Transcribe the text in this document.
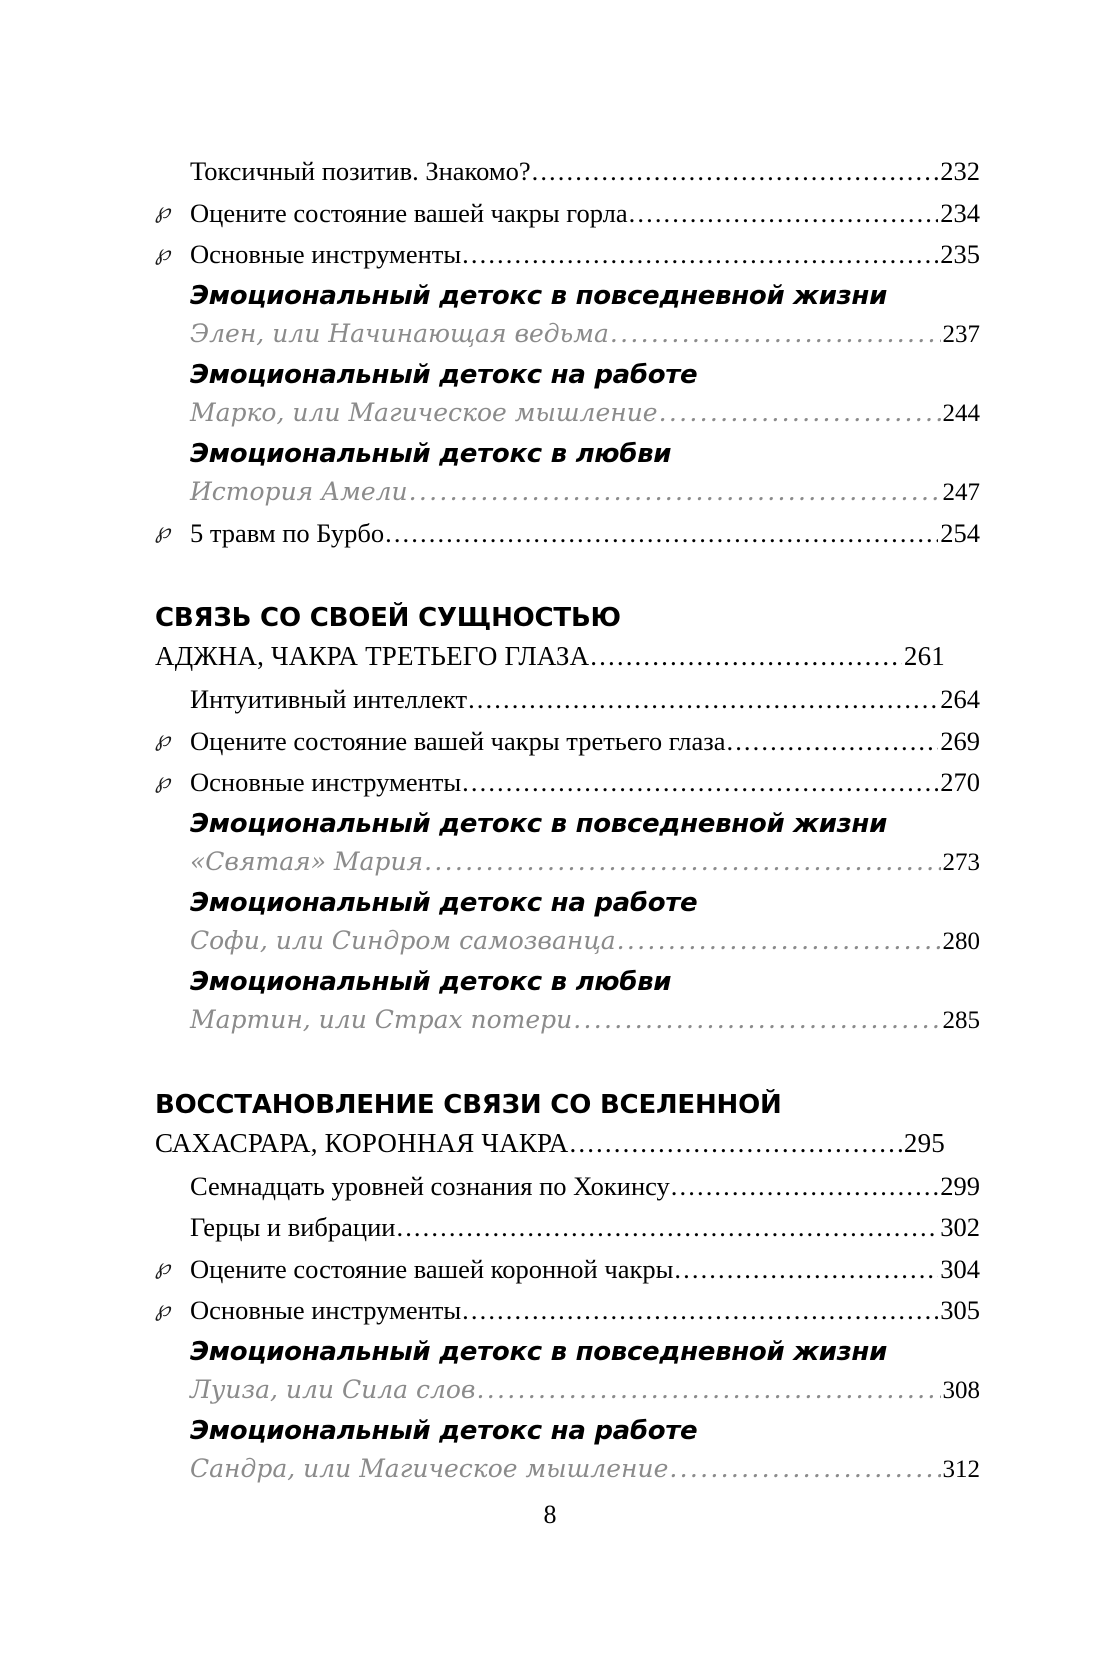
Токсичный позитив. Знакомо? .....	232
℘ Оцените состояние вашей чакры горла .....	234
℘ Основные инструменты .....	235
Эмоциональный детокс в повседневной жизни
Элен, или Начинающая ведьма .....	237
Эмоциональный детокс на работе
Марко, или Магическое мышление .....	244
Эмоциональный детокс в любви
История Амели .....	247
℘ 5 травм по Бурбо .....	254
СВЯЗЬ СО СВОЕЙ СУЩНОСТЬЮ
АДЖНА, ЧАКРА ТРЕТЬЕГО ГЛАЗА .....	261
Интуитивный интеллект .....	264
℘ Оцените состояние вашей чакры третьего глаза .....	269
℘ Основные инструменты .....	270
Эмоциональный детокс в повседневной жизни
«Святая» Мария .....	273
Эмоциональный детокс на работе
Софи, или Синдром самозванца .....	280
Эмоциональный детокс в любви
Мартин, или Страх потери .....	285
ВОССТАНОВЛЕНИЕ СВЯЗИ СО ВСЕЛЕННОЙ
САХАСРАРА, КОРОННАЯ ЧАКРА .....	295
Семнадцать уровней сознания по Хокинсу .....	299
Герцы и вибрации .....	302
℘ Оцените состояние вашей коронной чакры .....	304
℘ Основные инструменты .....	305
Эмоциональный детокс в повседневной жизни
Луиза, или Сила слов .....	308
Эмоциональный детокс на работе
Сандра, или Магическое мышление .....	312
8
